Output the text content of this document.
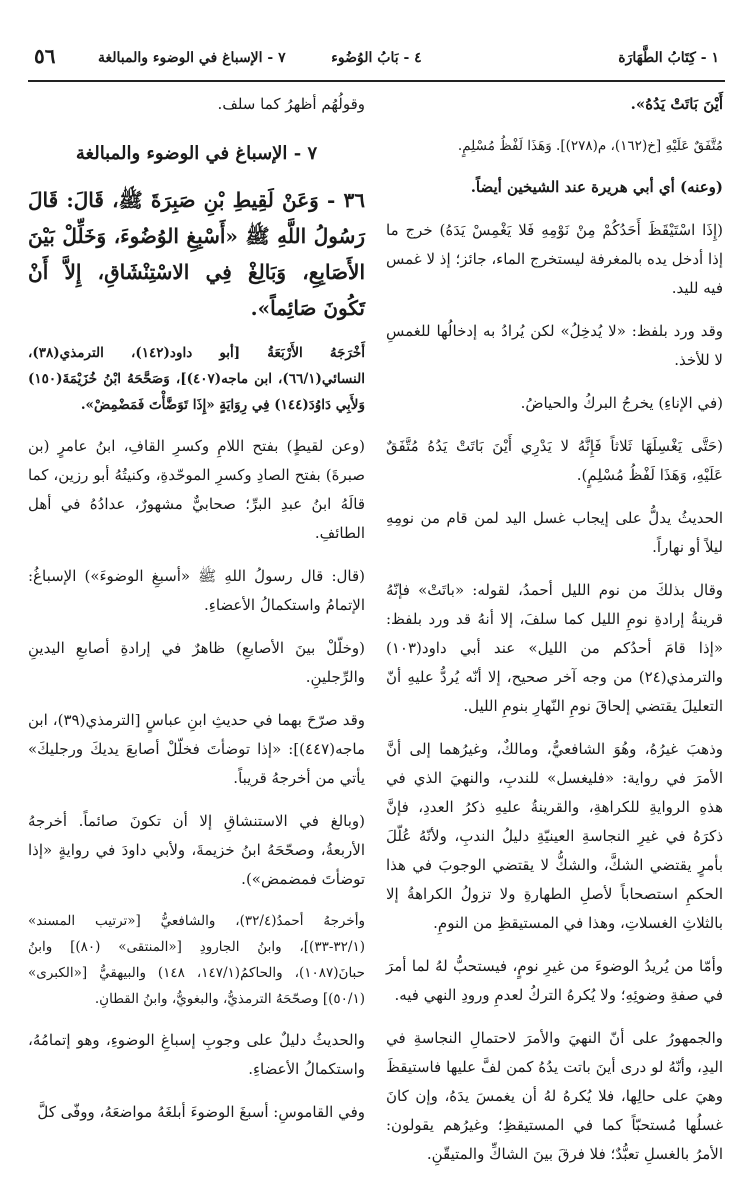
١ - كِتَابُ الطَّهَارَة
٤ - بَابُ الوُضُوء
٧ - الإسباغ في الوضوء والمبالغة
٥٦

أَيْنَ بَاتَتْ يَدُهُ».

مُتَّفَقٌ عَلَيْهِ [خ(١٦٢)، م(٢٧٨)]. وَهَذَا لَفْظُ مُسْلِمٍ.

(وعنه) أي أبي هريرة عند الشيخين أيضاً.

(إِذَا اسْتَيْقَظَ أَحَدُكُمْ مِنْ نَوْمِهِ فَلا يَغْمِسْ يَدَهُ) خرج ما إذا أدخل يده بالمغرفة ليستخرج الماء، جائز؛ إذ لا غمس فيه لليد.

وقد ورد بلفظ: «لا يُدخِلُ» لكن يُرادُ به إدخالُها للغمسِ لا للأخذ.

(في الإناءِ) يخرجُ البركُ والحياضُ.

(حَتَّى يَغْسِلَهَا ثَلاثاً فَإِنَّهُ لا يَدْرِي أَيْنَ بَاتَتْ يَدُهُ مُتَّفَقٌ عَلَيْهِ، وَهَذَا لَفْظُ مُسْلِمٍ).

الحديثُ يدلُّ على إيجاب غسل اليد لمن قام من نومِهِ ليلاً أو نهاراً.

وقال بذلكَ من نوم الليل أحمدُ، لقوله: «باتَتْ» فإنّهُ قرينةُ إرادةِ نومِ الليل كما سلفَ، إلا أنهُ قد ورد بلفظ: «إذا قامَ أحدُكم من الليل» عند أبي داود(١٠٣) والترمذي(٢٤) من وجه آخر صحيح، إلا أنّه يُردُّ عليهِ أنّ التعليلَ يقتضي إلحاقَ نومِ النّهارِ بنومِ الليل.

وذهبَ غيرُهُ، وهُوَ الشافعيُّ، ومالكٌ، وغيرُهما إلى أنَّ الأمرَ في رواية: «فليغسل» للندبِ، والنهيَ الذي في هذهِ الروايةِ للكراهةِ، والقرينةُ عليهِ ذكرُ العددِ، فإنَّ ذكرَهُ في غيرِ النجاسةِ العينيّةِ دليلُ الندبِ، ولأنّهُ عُلّلَ بأمرٍ يقتضي الشكَّ، والشكُّ لا يقتضي الوجوبَ في هذا الحكمِ استصحاباً لأصلِ الطهارةِ ولا تزولُ الكراهةُ إلا بالثلاثِ الغسلاتِ، وهذا في المستيقظِ من النومِ.

وأمّا من يُريدُ الوضوءَ من غيرِ نومٍ، فيستحبُّ لهُ لما أمرَ في صفةِ وضوئِهِ؛ ولا يُكرهُ التركُ لعدمِ ورودِ النهي فيه.

والجمهورُ على أنّ النهيَ والأمرَ لاحتمالِ النجاسةِ في اليدِ، وأنّهُ لو درى أينَ باتت يدُهُ كمن لفَّ عليها فاستيقظَ وهيَ على حالِها، فلا يُكرهُ لهُ أن يغمسَ يدَهُ، وإن كانَ غسلُها مُستحبّاً كما في المستيقظِ؛ وغيرُهم يقولون: الأمرُ بالغسلِ تعبُّدٌ؛ فلا فرقَ بينَ الشاكِّ والمتيقّنِ.

وقولُهُم أظهرُ كما سلف.

٧ - الإسباغ في الوضوء والمبالغة

٣٦ - وَعَنْ لَقِيطِ بْنِ صَبِرَةَ ﷺ، قَالَ: قَالَ رَسُولُ اللَّهِ ﷺ «أَسْبِغِ الوُضُوءَ، وَخَلِّلْ بَيْنَ الأَصَابِعِ، وَبَالِغْ فِي الاسْتِنْشَاقِ، إِلاَّ أَنْ تَكُونَ صَائِماً».

أَخْرَجَهُ الأَرْبَعَةُ [أبو داود(١٤٢)، الترمذي(٣٨)، النسائي(٦٦/١)، ابن ماجه(٤٠٧)]، وَصَحَّحَهُ ابْنُ خُزَيْمَةَ(١٥٠) وَلأَبِي دَاوُدَ(١٤٤) فِي رِوَايَةٍ «إِذَا تَوَضَّأْتَ فَمَضْمِضْ».

(وعن لقيطٍ) بفتح اللامِ وكسرِ القافِ، ابنُ عامرٍ (بن صبرةَ) بفتح الصادِ وكسرِ الموحّدةِ، وكنيتُهُ أبو رزين، كما قالَهُ ابنُ عبدِ البرِّ؛ صحابيٌّ مشهورٌ، عدادُهُ في أهل الطائفِ.

(قال: قال رسولُ اللهِ ﷺ «أسبغِ الوضوءَ») الإسباغُ: الإتمامُ واستكمالُ الأعضاءِ.

(وخلّلْ بينَ الأصابعِ) ظاهرٌ في إرادةِ أصابعِ اليدينِ والرِّجلينِ.

وقد صرّحَ بهما في حديثِ ابنِ عباسٍ [الترمذي(٣٩)، ابن ماجه(٤٤٧)]: «إذا توضأتَ فخلّلْ أصابعَ يديكَ ورجليكَ» يأتي من أخرجهُ قريباً.

(وبالغ في الاستنشاقِ إلا أن تكونَ صائماً. أخرجهُ الأربعةُ، وصحّحَهُ ابنُ خزيمةَ، ولأبي داودَ في روايةٍ «إذا توضأتَ فمضمض»).

وأخرجهُ أحمدُ(٣٢/٤)، والشافعيُّ [«ترتيب المسند» (٣٢/١-٣٣)]، وابنُ الجارودِ [«المنتقى» (٨٠)] وابنُ حبانَ(١٠٨٧)، والحاكمُ(١٤٧/١، ١٤٨) والبيهقيُّ [«الكبرى» (٥٠/١)] وصحّحَهُ الترمذيُّ، والبغويُّ، وابنُ القطانِ.

والحديثُ دليلٌ على وجوبِ إسباغِ الوضوءِ، وهو إتمامُهُ، واستكمالُ الأعضاءِ.

وفي القاموسِ: أسبغَ الوضوءَ أبلغَهُ مواضعَهُ، ووفّى كلَّ
